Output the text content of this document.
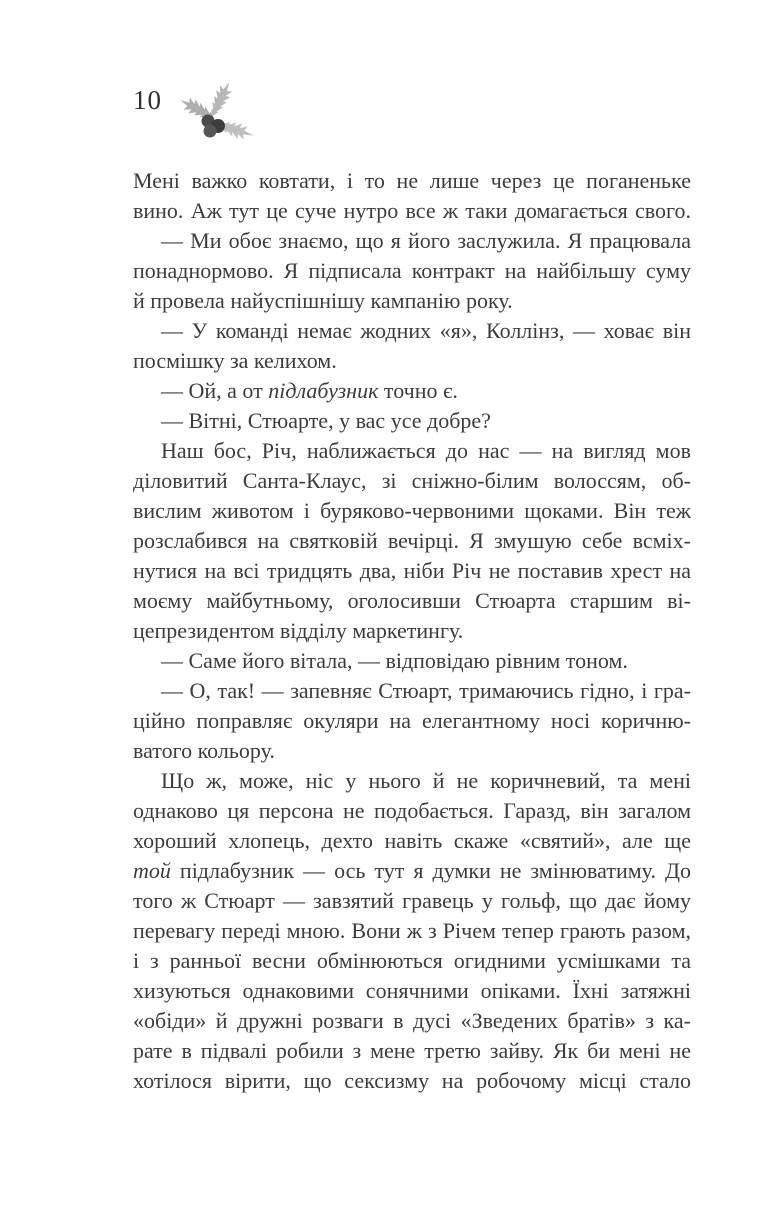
10
Мені важко ковтати, і то не лише через це поганеньке
вино. Аж тут це суче нутро все ж таки домагається свого.
— Ми обоє знаємо, що я його заслужила. Я працювала
понаднормово. Я підписала контракт на найбільшу суму
й провела найуспішнішу кампанію року.
— У команді немає жодних «я», Коллінз, — ховає він
посмішку за келихом.
— Ой, а от підлабузник точно є.
— Вітні, Стюарте, у вас усе добре?
Наш бос, Річ, наближається до нас — на вигляд мов
діловитий Санта-Клаус, зі сніжно-білим волоссям, об-
вислим животом і буряково-червоними щоками. Він теж
розслабився на святковій вечірці. Я змушую себе всміх-
нутися на всі тридцять два, ніби Річ не поставив хрест на
моєму майбутньому, оголосивши Стюарта старшим ві-
цепрезидентом відділу маркетингу.
— Саме його вітала, — відповідаю рівним тоном.
— О, так! — запевняє Стюарт, тримаючись гідно, і гра-
ційно поправляє окуляри на елегантному носі коричню-
ватого кольору.
Що ж, може, ніс у нього й не коричневий, та мені
однаково ця персона не подобається. Гаразд, він загалом
хороший хлопець, дехто навіть скаже «святий», але ще
той підлабузник — ось тут я думки не змінюватиму. До
того ж Стюарт — завзятий гравець у гольф, що дає йому
перевагу переді мною. Вони ж з Річем тепер грають разом,
і з ранньої весни обмінюються огидними усмішками та
хизуються однаковими сонячними опіками. Їхні затяжні
«обіди» й дружні розваги в дусі «Зведених братів» з ка-
рате в підвалі робили з мене третю зайву. Як би мені не
хотілося вірити, що сексизму на робочому місці стало
